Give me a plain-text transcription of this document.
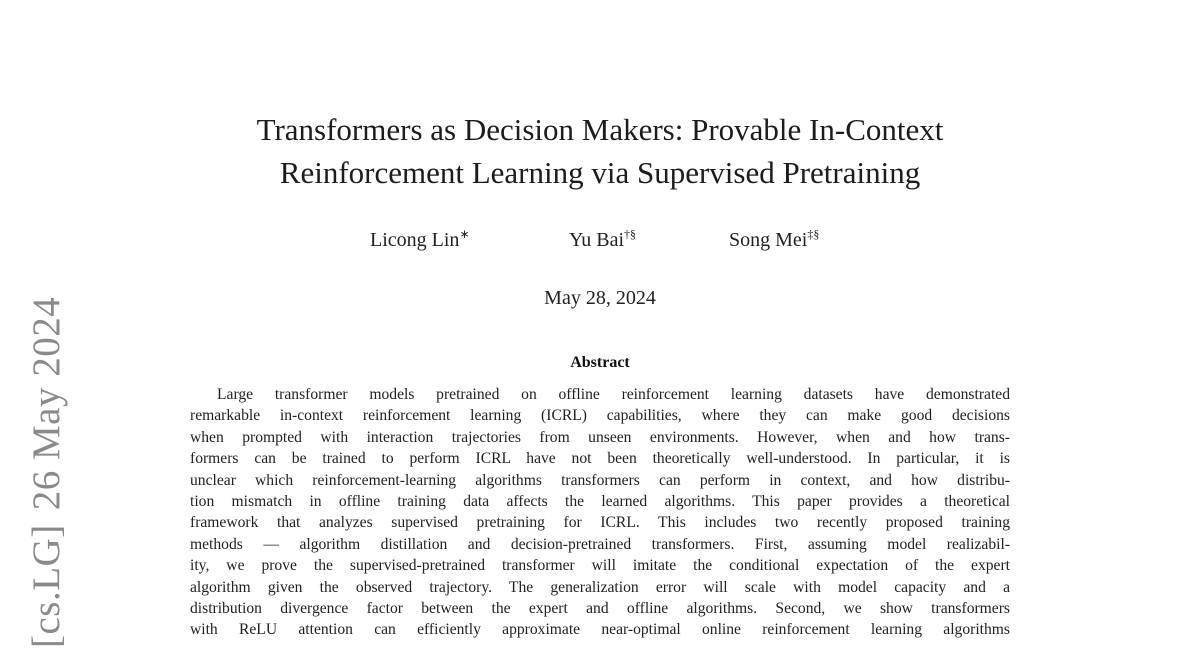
[cs.LG]26 May 2024
Transformers as Decision Makers: Provable In-Context
Reinforcement Learning via Supervised Pretraining
Licong Lin∗	Yu Bai†§	Song Mei‡§
May 28, 2024
Abstract
Large transformer models pretrained on offline reinforcement learning datasets have demonstrated
remarkable in-context reinforcement learning (ICRL) capabilities, where they can make good decisions
when prompted with interaction trajectories from unseen environments. However, when and how trans-
formers can be trained to perform ICRL have not been theoretically well-understood. In particular, it is
unclear which reinforcement-learning algorithms transformers can perform in context, and how distribu-
tion mismatch in offline training data affects the learned algorithms. This paper provides a theoretical
framework that analyzes supervised pretraining for ICRL. This includes two recently proposed training
methods — algorithm distillation and decision-pretrained transformers. First, assuming model realizabil-
ity, we prove the supervised-pretrained transformer will imitate the conditional expectation of the expert
algorithm given the observed trajectory. The generalization error will scale with model capacity and a
distribution divergence factor between the expert and offline algorithms. Second, we show transformers
with ReLU attention can efficiently approximate near-optimal online reinforcement learning algorithms
